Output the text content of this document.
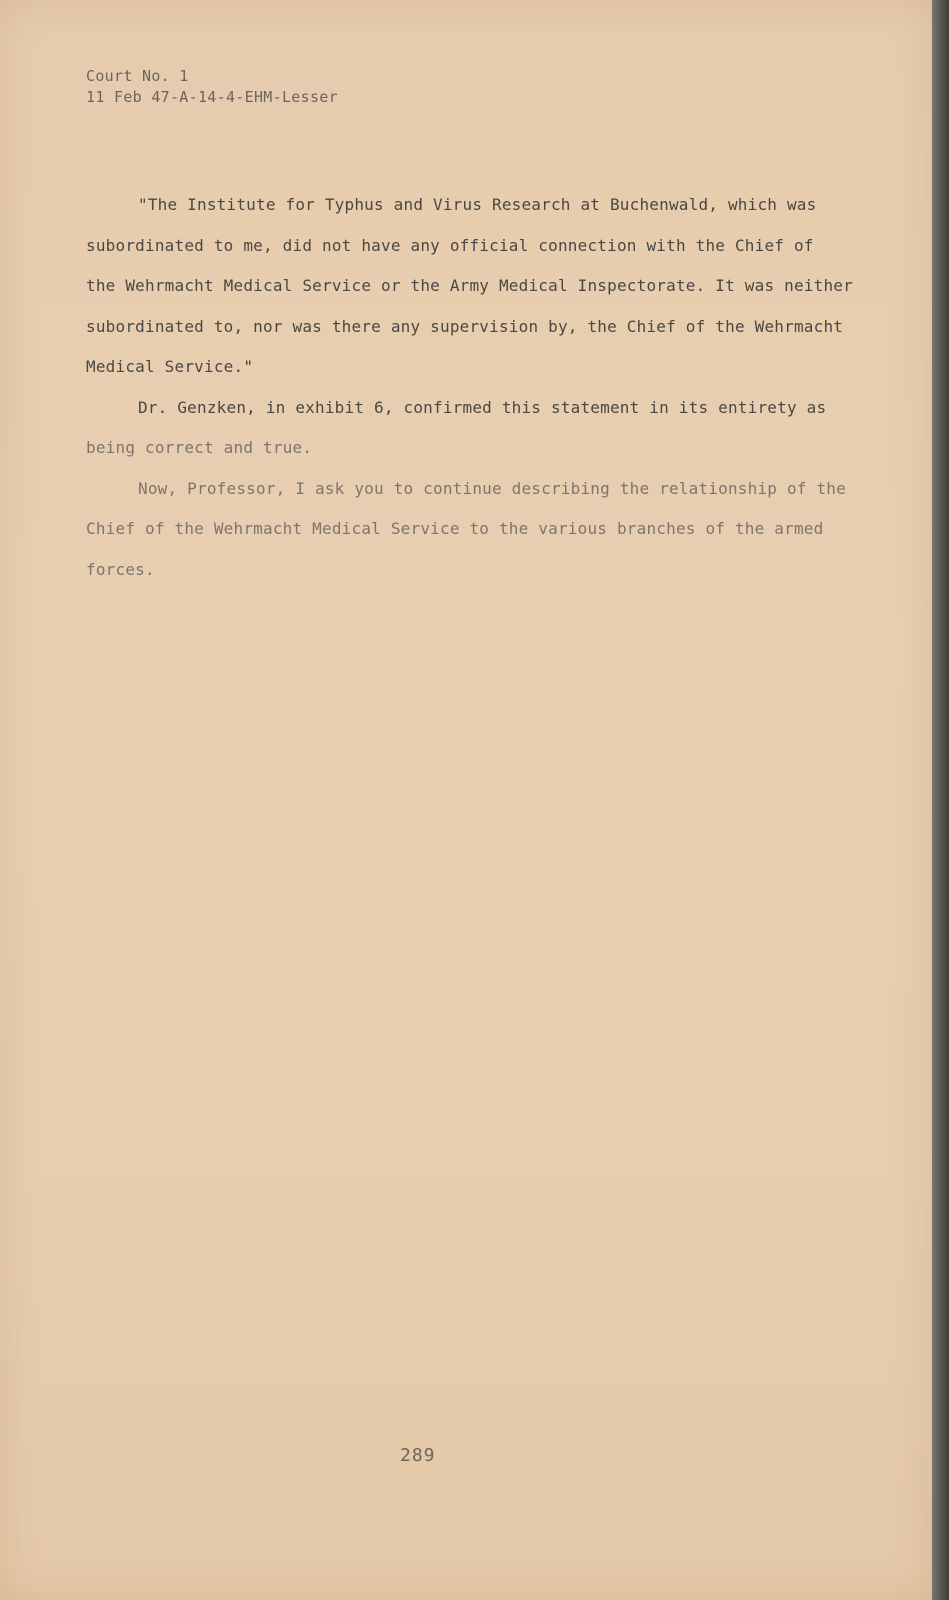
Court No. 1
11 Feb 47-A-14-4-EHM-Lesser
"The Institute for Typhus and Virus Research at Buchenwald, which was
subordinated to me, did not have any official connection with the Chief of
the Wehrmacht Medical Service or the Army Medical Inspectorate. It was neither
subordinated to, nor was there any supervision by, the Chief of the Wehrmacht
Medical Service."
Dr. Genzken, in exhibit 6, confirmed this statement in its entirety as
being correct and true.
Now, Professor, I ask you to continue describing the relationship of the
Chief of the Wehrmacht Medical Service to the various branches of the armed
forces.
289
